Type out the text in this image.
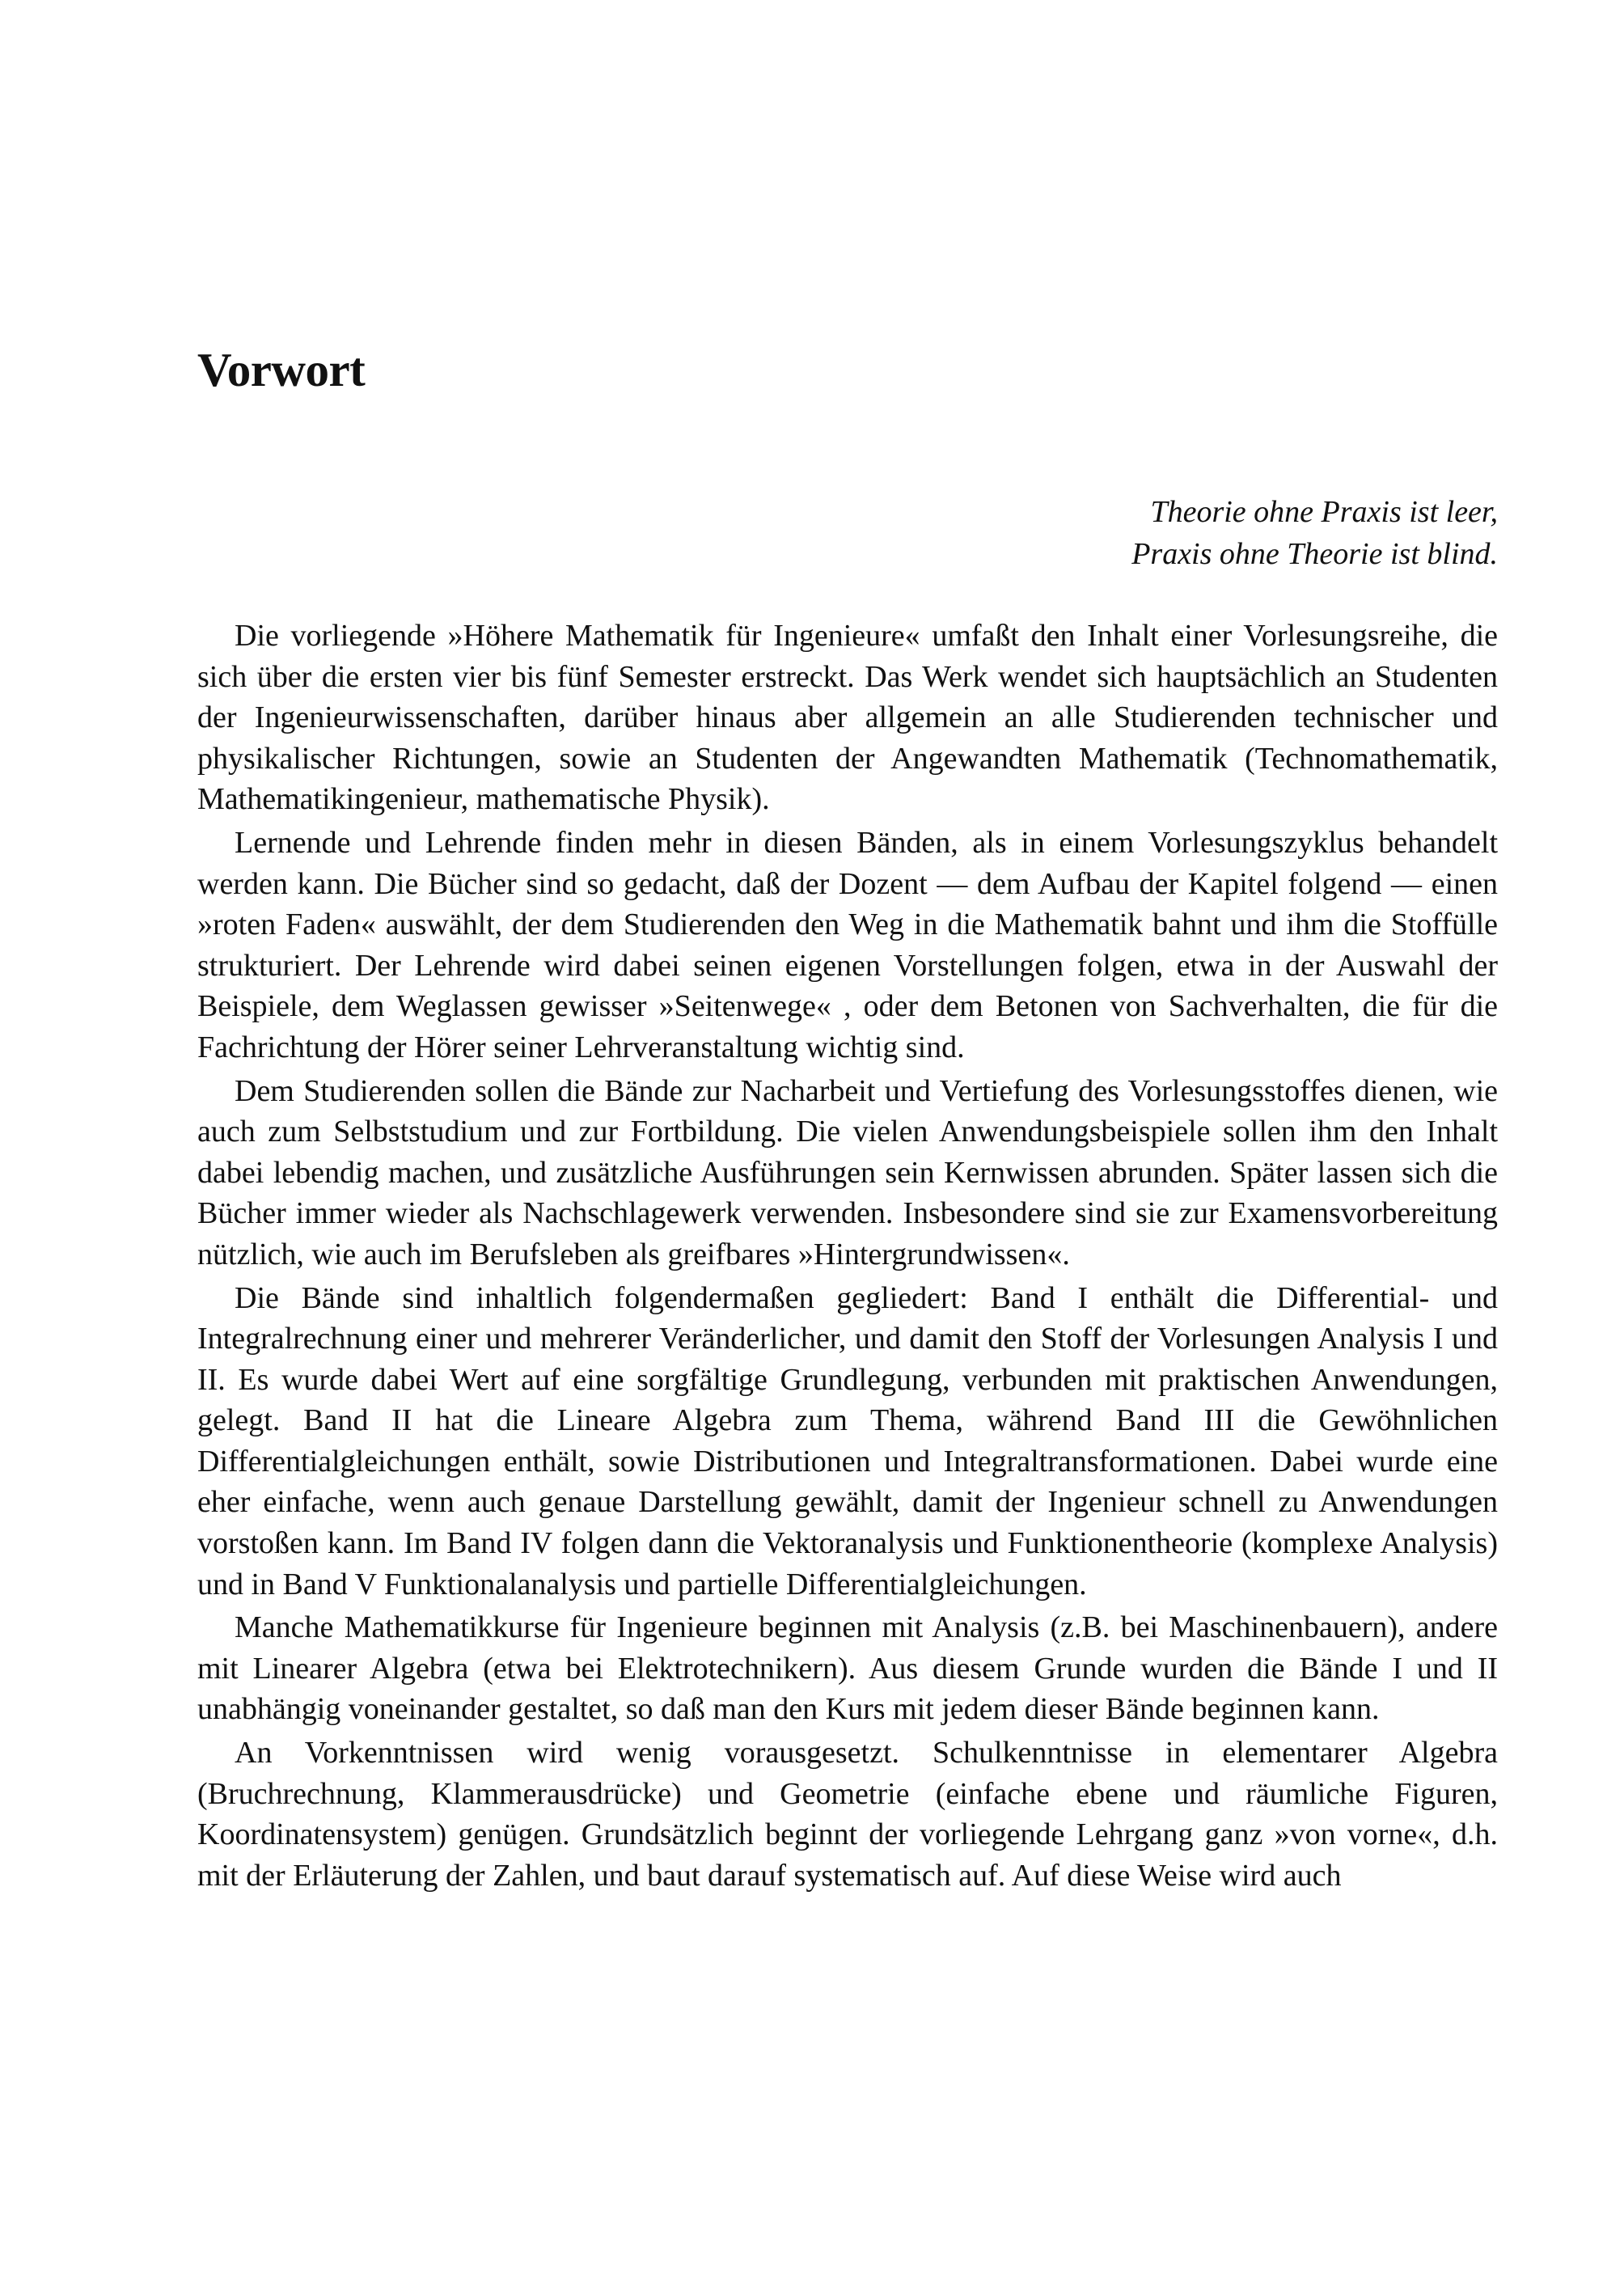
Vorwort
Theorie ohne Praxis ist leer,
Praxis ohne Theorie ist blind.

Die vorliegende »Höhere Mathematik für Ingenieure« umfaßt den Inhalt einer Vorlesungsreihe, die sich über die ersten vier bis fünf Semester erstreckt. Das Werk wendet sich hauptsächlich an Studenten der Ingenieurwissenschaften, darüber hinaus aber allgemein an alle Studierenden technischer und physikalischer Richtungen, sowie an Studenten der Angewandten Mathematik (Technomathematik, Mathematikingenieur, mathematische Physik).

Lernende und Lehrende finden mehr in diesen Bänden, als in einem Vorlesungszyklus behandelt werden kann. Die Bücher sind so gedacht, daß der Dozent — dem Aufbau der Kapitel folgend — einen »roten Faden« auswählt, der dem Studierenden den Weg in die Mathematik bahnt und ihm die Stoffülle strukturiert. Der Lehrende wird dabei seinen eigenen Vorstellungen folgen, etwa in der Auswahl der Beispiele, dem Weglassen gewisser »Seitenwege« , oder dem Betonen von Sachverhalten, die für die Fachrichtung der Hörer seiner Lehrveranstaltung wichtig sind.

Dem Studierenden sollen die Bände zur Nacharbeit und Vertiefung des Vorlesungsstoffes dienen, wie auch zum Selbststudium und zur Fortbildung. Die vielen Anwendungsbeispiele sollen ihm den Inhalt dabei lebendig machen, und zusätzliche Ausführungen sein Kernwissen abrunden. Später lassen sich die Bücher immer wieder als Nachschlagewerk verwenden. Insbesondere sind sie zur Examensvorbereitung nützlich, wie auch im Berufsleben als greifbares »Hintergrundwissen«.

Die Bände sind inhaltlich folgendermaßen gegliedert: Band I enthält die Differential- und Integralrechnung einer und mehrerer Veränderlicher, und damit den Stoff der Vorlesungen Analysis I und II. Es wurde dabei Wert auf eine sorgfältige Grundlegung, verbunden mit praktischen Anwendungen, gelegt. Band II hat die Lineare Algebra zum Thema, während Band III die Gewöhnlichen Differentialgleichungen enthält, sowie Distributionen und Integraltransformationen. Dabei wurde eine eher einfache, wenn auch genaue Darstellung gewählt, damit der Ingenieur schnell zu Anwendungen vorstoßen kann. Im Band IV folgen dann die Vektoranalysis und Funktionentheorie (komplexe Analysis) und in Band V Funktionalanalysis und partielle Differentialgleichungen.

Manche Mathematikkurse für Ingenieure beginnen mit Analysis (z.B. bei Maschinenbauern), andere mit Linearer Algebra (etwa bei Elektrotechnikern). Aus diesem Grunde wurden die Bände I und II unabhängig voneinander gestaltet, so daß man den Kurs mit jedem dieser Bände beginnen kann.

An Vorkenntnissen wird wenig vorausgesetzt. Schulkenntnisse in elementarer Algebra (Bruchrechnung, Klammerausdrücke) und Geometrie (einfache ebene und räumliche Figuren, Koordinatensystem) genügen. Grundsätzlich beginnt der vorliegende Lehrgang ganz »von vorne«, d.h. mit der Erläuterung der Zahlen, und baut darauf systematisch auf. Auf diese Weise wird auch
